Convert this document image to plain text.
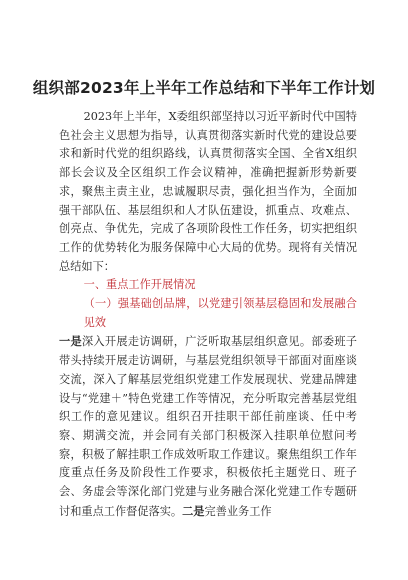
组织部2023年上半年工作总结和下半年工作计划

2023年上半年，X委组织部坚持以习近平新时代中国特色社会主义思想为指导，认真贯彻落实新时代党的建设总要求和新时代党的组织路线，认真贯彻落实全国、全省X组织部长会议及全区组织工作会议精神，准确把握新形势新要求，聚焦主责主业，忠诚履职尽责，强化担当作为，全面加强干部队伍、基层组织和人才队伍建设，抓重点、攻难点、创亮点、争优先，完成了各项阶段性工作任务，切实把组织工作的优势转化为服务保障中心大局的优势。现将有关情况总结如下：

一、重点工作开展情况

（一）强基础创品牌，以党建引领基层稳固和发展融合见效

一是深入开展走访调研，广泛听取基层组织意见。部委班子带头持续开展走访调研，与基层党组织领导干部面对面座谈交流，深入了解基层党组织党建工作发展现状、党建品牌建设与“党建＋”特色党建工作等情况，充分听取完善基层党组织工作的意见建议。组织召开挂职干部任前座谈、任中考察、期满交流，并会同有关部门积极深入挂职单位慰问考察，积极了解挂职工作成效听取工作建议。聚焦组织工作年度重点任务及阶段性工作要求，积极依托主题党日、班子会、务虚会等深化部门党建与业务融合深化党建工作专题研讨和重点工作督促落实。二是完善业务工作
